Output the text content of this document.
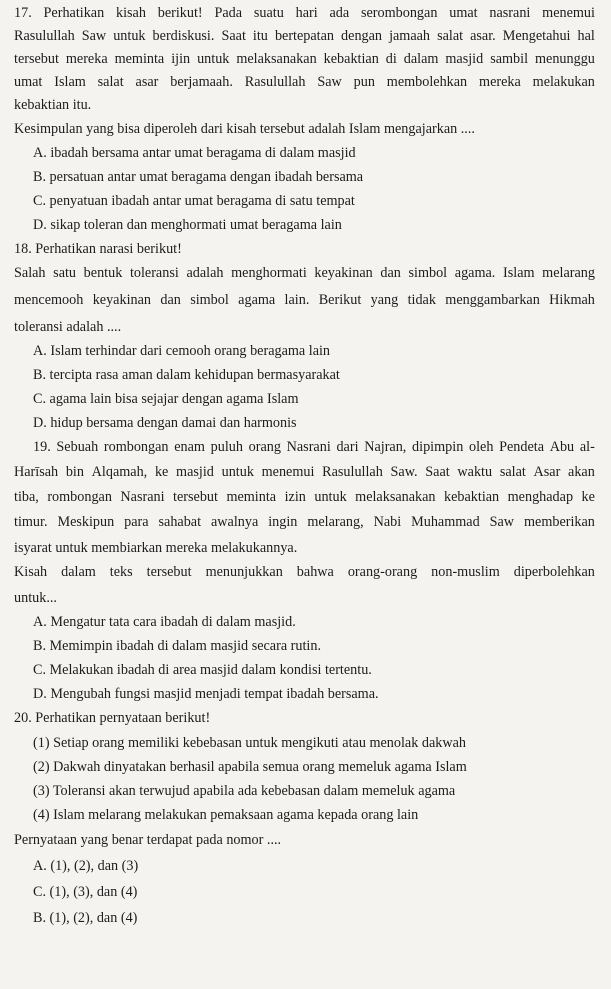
17. Perhatikan kisah berikut! Pada suatu hari ada serombongan umat nasrani menemui
Rasulullah Saw untuk berdiskusi. Saat itu bertepatan dengan jamaah salat asar. Mengetahui hal
tersebut mereka meminta ijin untuk melaksanakan kebaktian di dalam masjid sambil menunggu
umat Islam salat asar berjamaah. Rasulullah Saw pun membolehkan mereka melakukan
kebaktian itu.
Kesimpulan yang bisa diperoleh dari kisah tersebut adalah Islam mengajarkan ....
A. ibadah bersama antar umat beragama di dalam masjid
B. persatuan antar umat beragama dengan ibadah bersama
C. penyatuan ibadah antar umat beragama di satu tempat
D. sikap toleran dan menghormati umat beragama lain
18. Perhatikan narasi berikut!
Salah satu bentuk toleransi adalah menghormati keyakinan dan simbol agama. Islam melarang
mencemooh keyakinan dan simbol agama lain. Berikut yang tidak menggambarkan Hikmah
toleransi adalah ....
A. Islam terhindar dari cemooh orang beragama lain
B. tercipta rasa aman dalam kehidupan bermasyarakat
C. agama lain bisa sejajar dengan agama Islam
D. hidup bersama dengan damai dan harmonis
19. Sebuah rombongan enam puluh orang Nasrani dari Najran, dipimpin oleh Pendeta Abu al-
Harīsah bin Alqamah, ke masjid untuk menemui Rasulullah Saw. Saat waktu salat Asar akan
tiba, rombongan Nasrani tersebut meminta izin untuk melaksanakan kebaktian menghadap ke
timur. Meskipun para sahabat awalnya ingin melarang, Nabi Muhammad Saw memberikan
isyarat untuk membiarkan mereka melakukannya.
Kisah dalam teks tersebut menunjukkan bahwa orang-orang non-muslim diperbolehkan
untuk...
A. Mengatur tata cara ibadah di dalam masjid.
B. Memimpin ibadah di dalam masjid secara rutin.
C. Melakukan ibadah di area masjid dalam kondisi tertentu.
D. Mengubah fungsi masjid menjadi tempat ibadah bersama.
20. Perhatikan pernyataan berikut!
(1) Setiap orang memiliki kebebasan untuk mengikuti atau menolak dakwah
(2) Dakwah dinyatakan berhasil apabila semua orang memeluk agama Islam
(3) Toleransi akan terwujud apabila ada kebebasan dalam memeluk agama
(4) Islam melarang melakukan pemaksaan agama kepada orang lain
Pernyataan yang benar terdapat pada nomor ....
A. (1), (2), dan (3)
C. (1), (3), dan (4)
B. (1), (2), dan (4)
